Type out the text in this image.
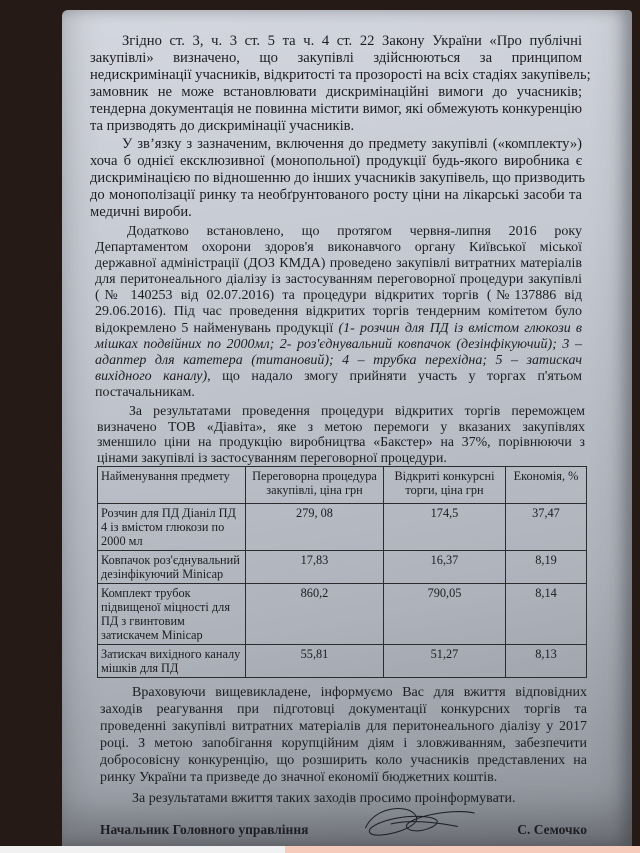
Згідно ст. 3, ч. 3 ст. 5 та ч. 4 ст. 22 Закону України «Про публічні
закупівлі» визначено, що закупівлі здійснюються за принципом
недискримінації учасників, відкритості та прозорості на всіх стадіях закупівель;
замовник не може встановлювати дискримінаційні вимоги до учасників;
тендерна документація не повинна містити вимог, які обмежують конкуренцію
та призводять до дискримінації учасників.
У зв’язку з зазначеним, включення до предмету закупівлі («комплекту»)
хоча б однієї ексклюзивної (монопольної) продукції будь-якого виробника є
дискримінацією по відношенню до інших учасників закупівель, що призводить
до монополізації ринку та необґрунтованого росту ціни на лікарські засоби та
медичні вироби.
Додатково встановлено, що протягом червня-липня 2016 року
Департаментом охорони здоров'я виконавчого органу Київської міської
державної адміністрації (ДОЗ КМДА) проведено закупівлі витратних матеріалів
для перитонеального діалізу із застосуванням переговорної процедури закупівлі
(№ 140253 від 02.07.2016) та процедури відкритих торгів (№137886 від
29.06.2016). Під час проведення відкритих торгів тендерним комітетом було
відокремлено 5 найменувань продукції (1- розчин для ПД із вмістом глюкози в
мішках подвійних по 2000мл; 2- роз'єднувальний ковпачок (дезінфікуючий); 3 –
адаптер для катетера (титановий); 4 – трубка перехідна; 5 – затискач
вихідного каналу), що надало змогу прийняти участь у торгах п'ятьом
постачальникам.
За результатами проведення процедури відкритих торгів переможцем
визначено ТОВ «Діавіта», яке з метою перемоги у вказаних закупівлях
зменшило ціни на продукцію виробництва «Бакстер» на 37%, порівнюючи з
цінами закупівлі із застосуванням переговорної процедури.
Найменування предмету	Переговорна процедура закупівлі, ціна грн	Відкриті конкурсні торги, ціна грн	Економія, %
Розчин для ПД Діаніл ПД 4 із вмістом глюкози по 2000 мл	279, 08	174,5	37,47
Ковпачок роз'єднувальний дезінфікуючий Minicap	17,83	16,37	8,19
Комплект трубок підвищеної міцності для ПД з гвинтовим затискачем Minicap	860,2	790,05	8,14
Затискач вихідного каналу мішків для ПД	55,81	51,27	8,13
Враховуючи вищевикладене, інформуємо Вас для вжиття відповідних
заходів реагування при підготовці документації конкурсних торгів та
проведенні закупівлі витратних матеріалів для перитонеального діалізу у 2017
році. З метою запобігання корупційним діям і зловживанням, забезпечити
добросовісну конкуренцію, що розширить коло учасників представлених на
ринку України та призведе до значної економії бюджетних коштів.
За результатами вжиття таких заходів просимо проінформувати.
Начальник Головного управління	С. Семочко
